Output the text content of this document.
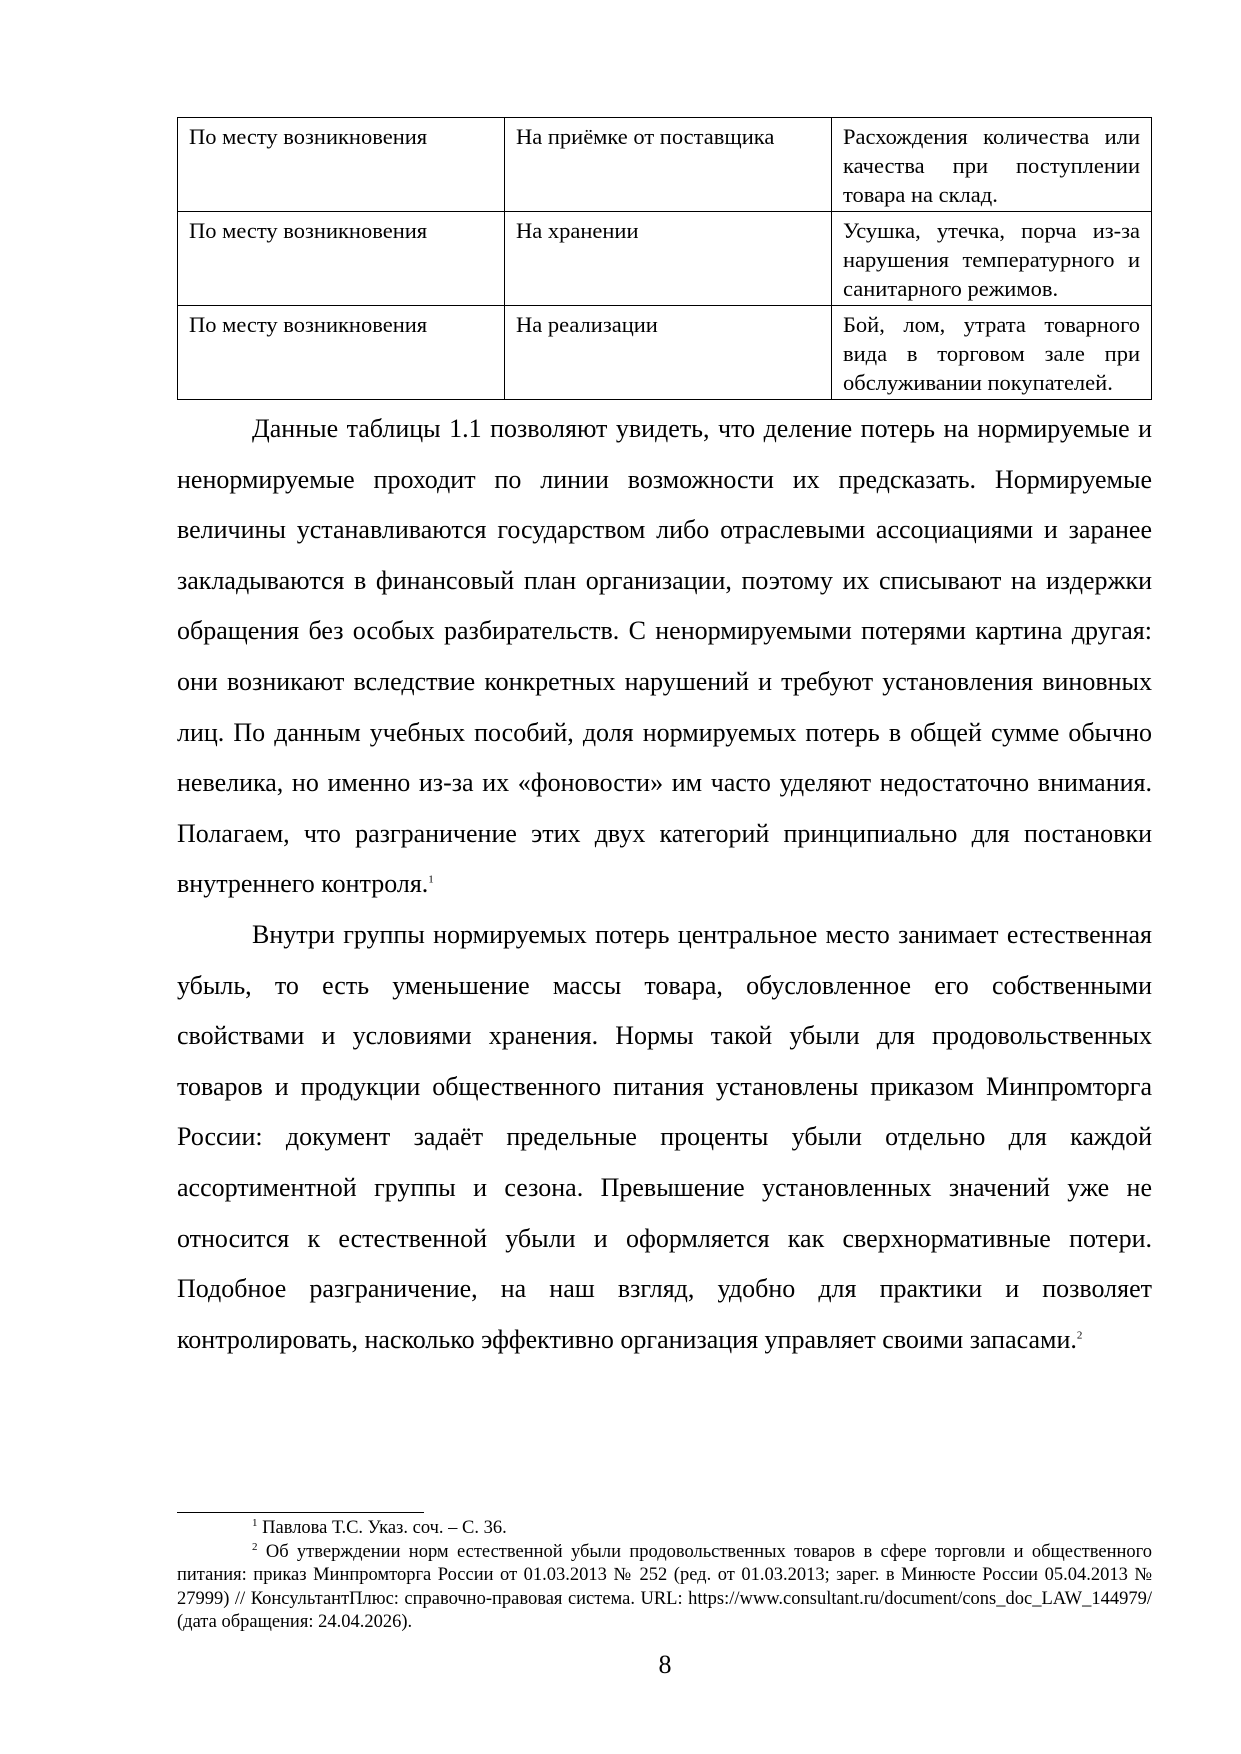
По месту возникновения	На приёмке от поставщика	Расхождения количества или качества при поступлении товара на склад.
По месту возникновения	На хранении	Усушка, утечка, порча из-за нарушения температурного и санитарного режимов.
По месту возникновения	На реализации	Бой, лом, утрата товарного вида в торговом зале при обслуживании покупателей.

Данные таблицы 1.1 позволяют увидеть, что деление потерь на нормируемые и ненормируемые проходит по линии возможности их предсказать. Нормируемые величины устанавливаются государством либо отраслевыми ассоциациями и заранее закладываются в финансовый план организации, поэтому их списывают на издержки обращения без особых разбирательств. С ненормируемыми потерями картина другая: они возникают вследствие конкретных нарушений и требуют установления виновных лиц. По данным учебных пособий, доля нормируемых потерь в общей сумме обычно невелика, но именно из-за их «фоновости» им часто уделяют недостаточно внимания. Полагаем, что разграничение этих двух категорий принципиально для постановки внутреннего контроля.$^1$

Внутри группы нормируемых потерь центральное место занимает естественная убыль, то есть уменьшение массы товара, обусловленное его собственными свойствами и условиями хранения. Нормы такой убыли для продовольственных товаров и продукции общественного питания установлены приказом Минпромторга России: документ задаёт предельные проценты убыли отдельно для каждой ассортиментной группы и сезона. Превышение установленных значений уже не относится к естественной убыли и оформляется как сверхнормативные потери. Подобное разграничение, на наш взгляд, удобно для практики и позволяет контролировать, насколько эффективно организация управляет своими запасами.$^2$

$^1$ Павлова Т.С. Указ. соч. – С. 36.

$^2$ Об утверждении норм естественной убыли продовольственных товаров в сфере торговли и общественного питания: приказ Минпромторга России от 01.03.2013 № 252 (ред. от 01.03.2013; зарег. в Минюсте России 05.04.2013 № 27999) // КонсультантПлюс: справочно-правовая система. URL: https://www.consultant.ru/document/cons_doc_LAW_144979/ (дата обращения: 24.04.2026).

8
